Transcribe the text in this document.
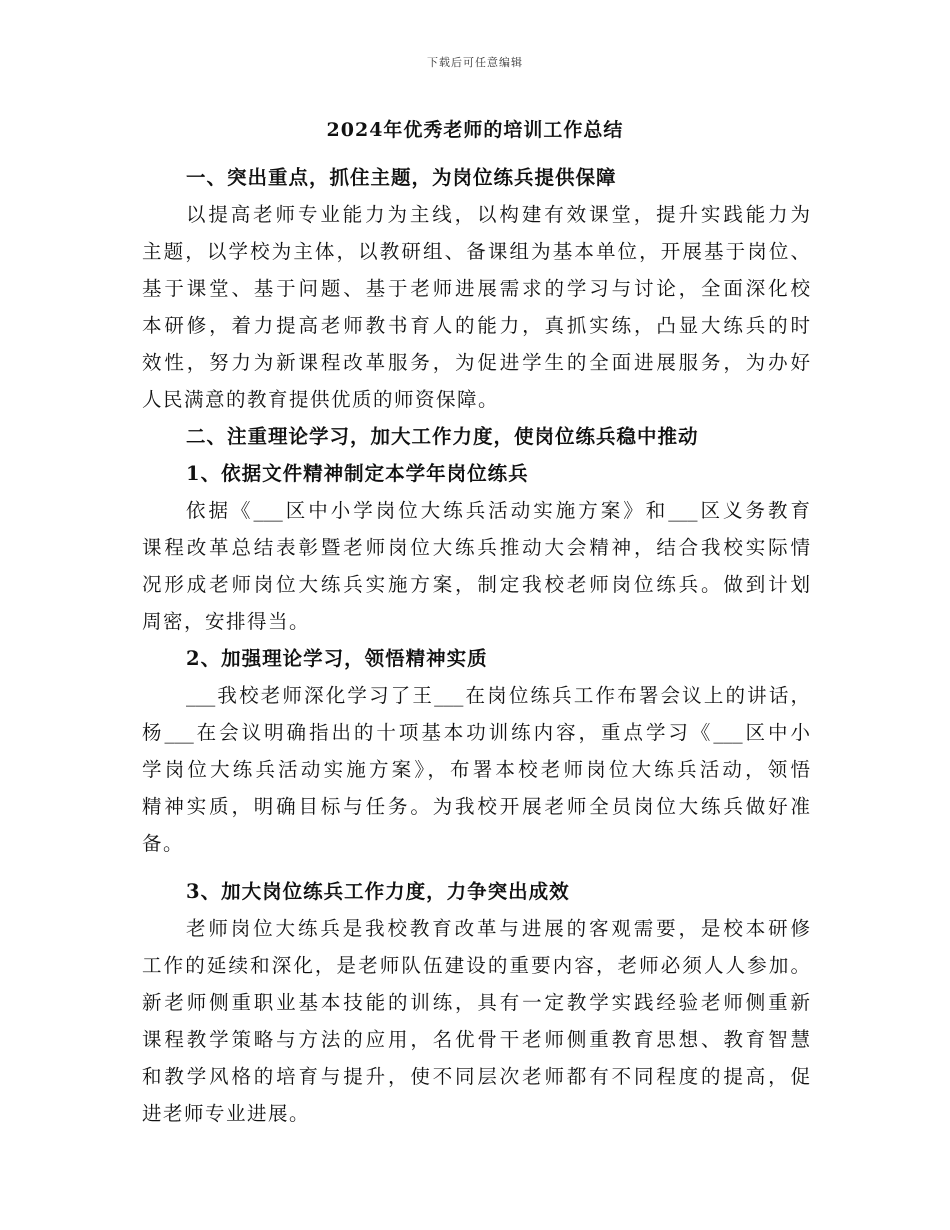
下载后可任意编辑
2024年优秀老师的培训工作总结
一、突出重点，抓住主题，为岗位练兵提供保障
以提高老师专业能力为主线，以构建有效课堂，提升实践能力为
主题，以学校为主体，以教研组、备课组为基本单位，开展基于岗位、
基于课堂、基于问题、基于老师进展需求的学习与讨论，全面深化校
本研修，着力提高老师教书育人的能力，真抓实练，凸显大练兵的时
效性，努力为新课程改革服务，为促进学生的全面进展服务，为办好
人民满意的教育提供优质的师资保障。
二、注重理论学习，加大工作力度，使岗位练兵稳中推动
1、依据文件精神制定本学年岗位练兵
依据《___区中小学岗位大练兵活动实施方案》和___区义务教育
课程改革总结表彰暨老师岗位大练兵推动大会精神，结合我校实际情
况形成老师岗位大练兵实施方案，制定我校老师岗位练兵。做到计划
周密，安排得当。
2、加强理论学习，领悟精神实质
___我校老师深化学习了王___在岗位练兵工作布署会议上的讲话，
杨___在会议明确指出的十项基本功训练内容，重点学习《___区中小
学岗位大练兵活动实施方案》，布署本校老师岗位大练兵活动，领悟
精神实质，明确目标与任务。为我校开展老师全员岗位大练兵做好准
备。
3、加大岗位练兵工作力度，力争突出成效
老师岗位大练兵是我校教育改革与进展的客观需要，是校本研修
工作的延续和深化，是老师队伍建设的重要内容，老师必须人人参加。
新老师侧重职业基本技能的训练，具有一定教学实践经验老师侧重新
课程教学策略与方法的应用，名优骨干老师侧重教育思想、教育智慧
和教学风格的培育与提升，使不同层次老师都有不同程度的提高，促
进老师专业进展。
